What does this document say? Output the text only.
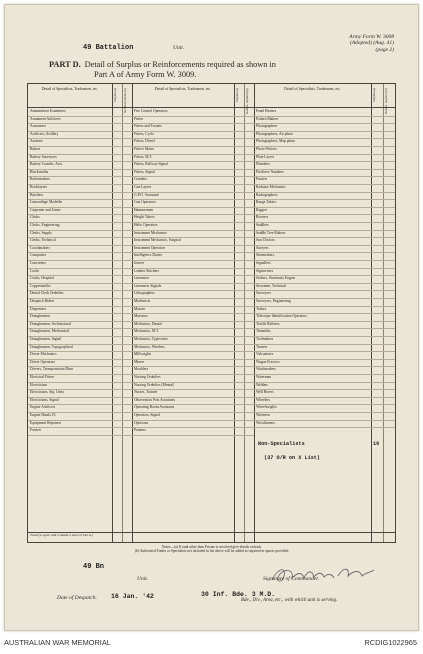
49 Battalion	Unit.
Army Form W. 3008
(Adopted) (Aug. 41)
(page 2)
PART D. Detail of Surplus or Reinforcements required as shown in
Part A of Army Form W. 3009.
Detail of Specialists, Tradesmen, etc.	Surplus (a) Reinforcements (b)	Detail of Specialists, Tradesmen, etc.	Surplus (a) Reinfts. required (b)	Detail of Specialists, Tradesmen, etc.	Surplus (a)	Reinfts. required (b)
Ammunition Examiners
Armament Artificers
Armourers
Artificers, Artillery
Axemen
Bakers
Battery Surveyors
Battery Comdrs. Asst.
Blacksmiths
Boilermakers
Bricklayers
Butchers
Camouflage Modeller
Carpenter and Joiner
Clerks
Clerks, Engineering
Clerks, Supply
Clerks, Technical
Coachmakers
Computers
Concreters
Cooks
Cooks, Hospital
Coppersmiths
Dental Clerk Orderlies
Despatch Riders
Dispensers
Draughtsmen
Draughtsmen, Architectural
Draughtsmen, Mechanical
Draughtsmen, Signal
Draughtsmen, Topographical
Driver Mechanics
Driver Operators
Drivers, Transportation Plant
Electrical Fitters
Electricians
Electricians, Sig. Units
Electricians, Signal
Engine Artificers
Engine Hands I/C
Equipment Repairers
Farriers
Fire Control Operators
Fitters
Fitters and Turners
Fitters, Cycle
Fitters, Diesel
Fitter's Mates
Fitters, M.T.
Fitters, Railway Signal
Fitters, Signal
Grinders
Gun Layers
G.P.O. Assistants
Gun Operators
Hammermen
Height Takers
Helio Operators
Instrument Mechanics
Instrument Mechanics, Surgical
Instrument Operators
Intelligence Duties
Joiners
Leather Stitchers
Linesmen
Linesmen, Signals
Lithographers
Machinists
Masons
Masseurs
Mechanics, Dental
Mechanics, M.T.
Mechanics, Typewriter
Mechanics, Wireless
Millwrights
Miners
Moulders
Nursing Orderlies
Nursing Orderlies (Mental)
Nurses, Trained
Observation Post Assistants
Operating Room Assistants
Operators, Signal
Opticians
Painters
Panel Beaters
Pattern Makers
Photographers
Photographers, Air photo
Photographers, Map photo
Photo-Writers
Plate Layers
Plumbers
Predictor Numbers
Printers
Radiator Mechanics
Radiographers
Range Takers
Riggers
Riveters
Saddlers
Saddle Tree Makers
Saw Doctors
Sawyers
Shoemakers
Signallers
Signwriters
Stokers, Stationary Engine
Storemen, Technical
Surveyors
Surveyors, Engineering
Tailors
Telescope Identification Operators
Textile Refiners
Tinsmiths
Toolmakers
Turners
Vulcanisers
Wagon Erectors
Watchmakers
Waterman
Welders
Well Borers
Wheelers
Wheelwrights
Wiremen
Woodturners
Non-Specialists	16
(37 O/R on X List)
Totals (to agree with Columns 5 and 6 of Part A.)
Notes—(a) If rank other than Private is involved give details on back.
(b) Authorised Trades or Specialists not included in list above will be added as required in spaces provided.
49 Bn
Unit.	Signature of Commander.
Date of Despatch. 16 Jan. '42	30 Inf. Bde. 3 M.D.
Bde., Div., Area, etc., with which unit is serving.
AUSTRALIAN WAR MEMORIAL	RCDIG1022965
